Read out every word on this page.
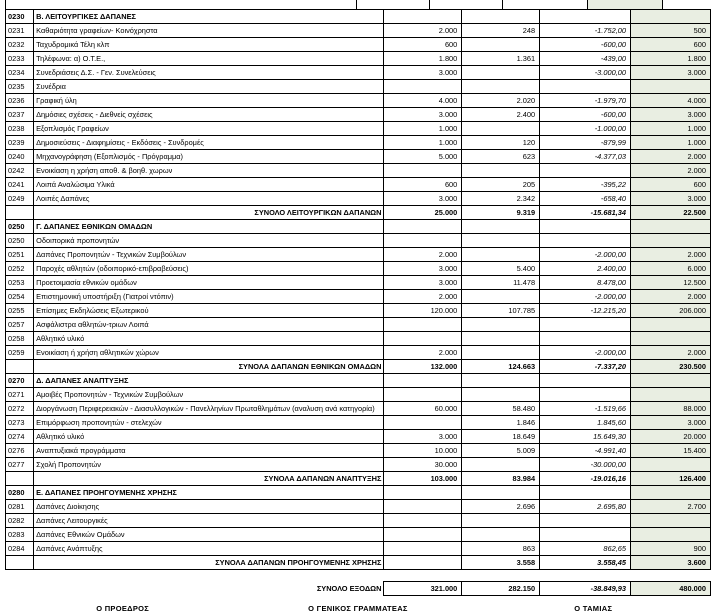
0230	Β. ΛΕΙΤΟΥΡΓΙΚΕΣ ΔΑΠΑΝΕΣ				
0231	Καθαριότητα γραφείων- Κοινόχρηστα	2.000	248	-1.752,00	500
0232	Ταχυδρομικά Τέλη κλπ	600		-600,00	600
0233	Τηλέφωνα: α) Ο.Τ.Ε.,	1.800	1.361	-439,00	1.800
0234	Συνεδριάσεις Δ.Σ. - Γεν. Συνελεύσεις	3.000		-3.000,00	3.000
0235	Συνέδρια				
0236	Γραφική ύλη	4.000	2.020	-1.979,70	4.000
0237	Δημόσιες σχέσεις - Διεθνείς σχέσεις	3.000	2.400	-600,00	3.000
0238	Εξοπλισμός Γραφείων	1.000		-1.000,00	1.000
0239	Δημοσιεύσεις - Διαφημίσεις - Εκδόσεις - Συνδρομές	1.000	120	-879,99	1.000
0240	Μηχανογράφηση (Εξοπλισμός - Πρόγραμμα)	5.000	623	-4.377,03	2.000
0242	Ενοικίαση η χρήση αποθ. & βοηθ. χωρων				2.000
0241	Λοιπά Αναλώσιμα Υλικά	600	205	-395,22	600
0249	Λοιπές Δαπάνες	3.000	2.342	-658,40	3.000
	ΣΥΝΟΛΟ ΛΕΙΤΟΥΡΓΙΚΩΝ ΔΑΠΑΝΩΝ	25.000	9.319	-15.681,34	22.500
0250	Γ. ΔΑΠΑΝΕΣ ΕΘΝΙΚΩΝ ΟΜΑΔΩΝ				
0250	Οδοιπορικά προπονητών				
0251	Δαπάνες Προπονητών - Τεχνικών Συμβούλων	2.000		-2.000,00	2.000
0252	Παροχές αθλητών (οδοιπορικό-επιβραβεύσεις)	3.000	5.400	2.400,00	6.000
0253	Προετοιμασία εθνικών ομάδων	3.000	11.478	8.478,00	12.500
0254	Επιστημονική υποστήριξη (Γιατροί ντόπιν)	2.000		-2.000,00	2.000
0255	Επίσημες Εκδηλώσεις Εξωτερικού	120.000	107.785	-12.215,20	206.000
0257	Ασφάλιστρα αθλητών-τριων Λοιπά				
0258	Αθλητικό υλικό				
0259	Ενοικίαση ή χρήση αθλητικών χώρων	2.000		-2.000,00	2.000
	ΣΥΝΟΛΑ ΔΑΠΑΝΩΝ ΕΘΝΙΚΩΝ ΟΜΑΔΩΝ	132.000	124.663	-7.337,20	230.500
0270	Δ. ΔΑΠΑΝΕΣ ΑΝΑΠΤΥΞΗΣ				
0271	Αμοιβές Προπονητών - Τεχνικών Συμβούλων				
0272	Διοργάνωση Περιφερειακών - Διασυλλογικών - Πανελληνίων Πρωταθλημάτων (αναλυση ανά κατηγορία)	60.000	58.480	-1.519,66	88.000
0273	Επιμόρφωση προπονητών - στελεχών		1.846	1.845,60	3.000
0274	Αθλητικό υλικό	3.000	18.649	15.649,30	20.000
0276	Αναπτυξιακά προγράμματα	10.000	5.009	-4.991,40	15.400
0277	Σχολή Προπονητών	30.000		-30.000,00	
	ΣΥΝΟΛΑ ΔΑΠΑΝΩΝ ΑΝΑΠΤΥΞΗΣ	103.000	83.984	-19.016,16	126.400
0280	Ε. ΔΑΠΑΝΕΣ ΠΡΟΗΓΟΥΜΕΝΗΣ ΧΡΗΣΗΣ				
0281	Δαπάνες Διοίκησης		2.696	2.695,80	2.700
0282	Δαπάνες Λειτουργικές				
0283	Δαπάνες Εθνικών Ομάδων				
0284	Δαπάνες Ανάπτυξης		863	862,65	900
	ΣΥΝΟΛΑ ΔΑΠΑΝΩΝ ΠΡΟΗΓΟΥΜΕΝΗΣ ΧΡΗΣΗΣ		3.558	3.558,45	3.600

	ΣΥΝΟΛΟ ΕΞΟΔΩΝ	321.000	282.150	-38.849,93	480.000
Ο ΠΡΟΕΔΡΟΣ	Ο ΓΕΝΙΚΟΣ ΓΡΑΜΜΑΤΕΑΣ	Ο ΤΑΜΙΑΣ
